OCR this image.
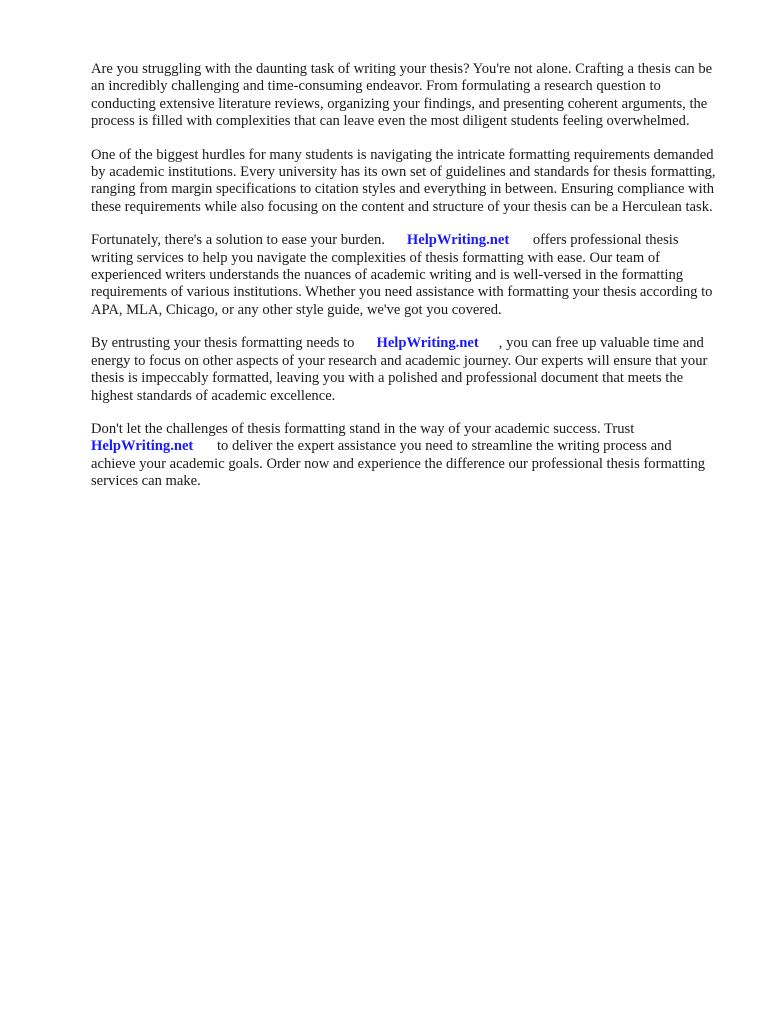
Are you struggling with the daunting task of writing your thesis? You're not alone. Crafting a thesis can be an incredibly challenging and time-consuming endeavor. From formulating a research question to conducting extensive literature reviews, organizing your findings, and presenting coherent arguments, the process is filled with complexities that can leave even the most diligent students feeling overwhelmed.

One of the biggest hurdles for many students is navigating the intricate formatting requirements demanded by academic institutions. Every university has its own set of guidelines and standards for thesis formatting, ranging from margin specifications to citation styles and everything in between. Ensuring compliance with these requirements while also focusing on the content and structure of your thesis can be a Herculean task.

Fortunately, there's a solution to ease your burden. HelpWriting.net offers professional thesis writing services to help you navigate the complexities of thesis formatting with ease. Our team of experienced writers understands the nuances of academic writing and is well-versed in the formatting requirements of various institutions. Whether you need assistance with formatting your thesis according to APA, MLA, Chicago, or any other style guide, we've got you covered.

By entrusting your thesis formatting needs to HelpWriting.net , you can free up valuable time and energy to focus on other aspects of your research and academic journey. Our experts will ensure that your thesis is impeccably formatted, leaving you with a polished and professional document that meets the highest standards of academic excellence.

Don't let the challenges of thesis formatting stand in the way of your academic success. Trust HelpWriting.net to deliver the expert assistance you need to streamline the writing process and achieve your academic goals. Order now and experience the difference our professional thesis formatting services can make.
